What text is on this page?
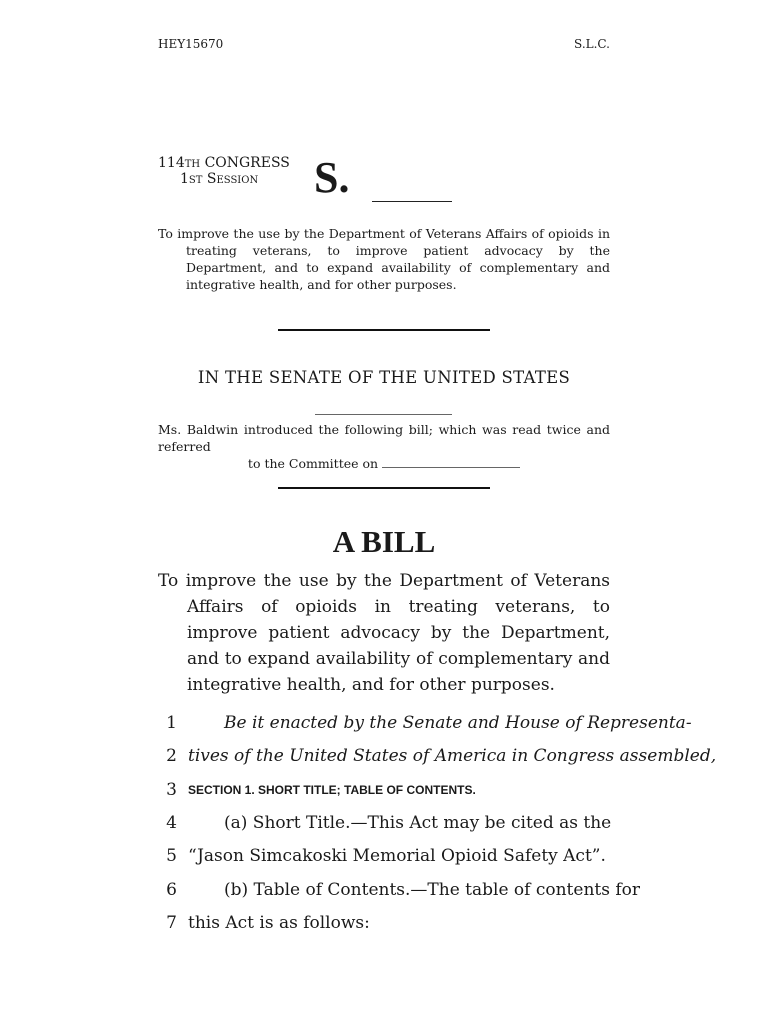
HEY15670	S.L.C.
114th CONGRESS
1st Session	S.
To improve the use by the Department of Veterans Affairs of opioids in treating veterans, to improve patient advocacy by the Department, and to expand availability of complementary and integrative health, and for other purposes.
IN THE SENATE OF THE UNITED STATES
Ms. Baldwin introduced the following bill; which was read twice and referred
to the Committee on
A BILL
To improve the use by the Department of Veterans Affairs of opioids in treating veterans, to improve patient advocacy by the Department, and to expand availability of complementary and integrative health, and for other purposes.
1	Be it enacted by the Senate and House of Representa-
2 tives of the United States of America in Congress assembled,
3 SECTION 1. SHORT TITLE; TABLE OF CONTENTS.
4	(a) Short Title.—This Act may be cited as the
5 “Jason Simcakoski Memorial Opioid Safety Act”.
6	(b) Table of Contents.—The table of contents for
7 this Act is as follows:
